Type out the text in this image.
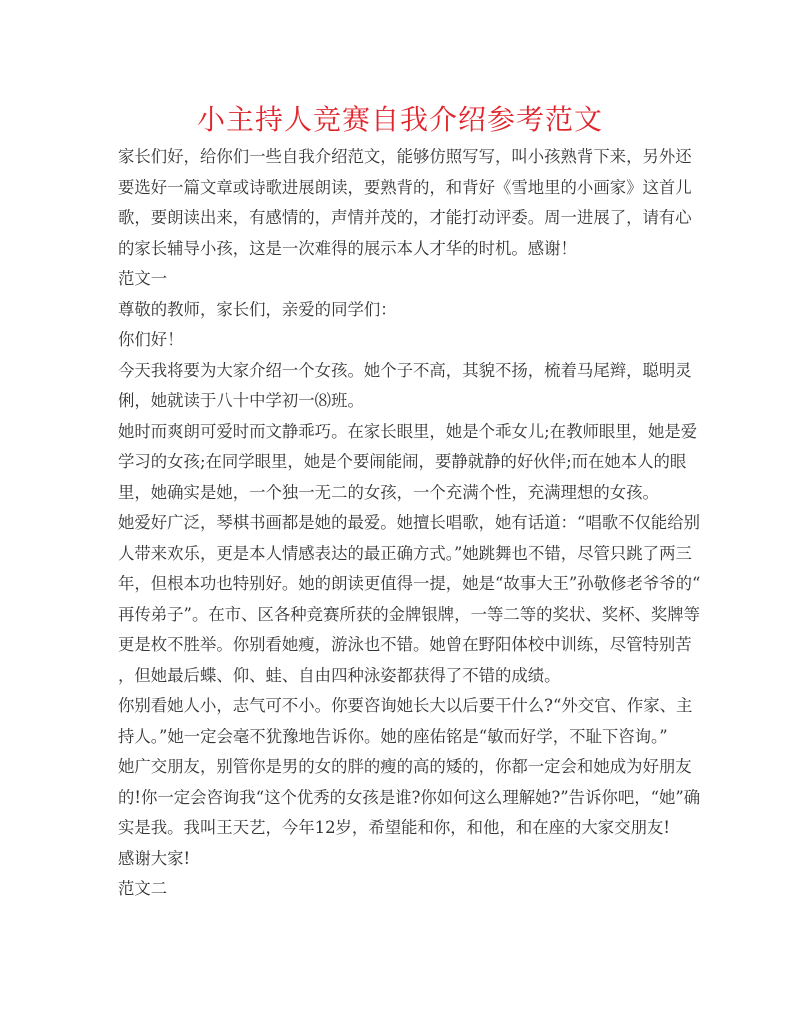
小主持人竞赛自我介绍参考范文
家长们好，给你们一些自我介绍范文，能够仿照写写，叫小孩熟背下来，另外还
要选好一篇文章或诗歌进展朗读，要熟背的，和背好《雪地里的小画家》这首儿
歌，要朗读出来，有感情的，声情并茂的，才能打动评委。周一进展了，请有心
的家长辅导小孩，这是一次难得的展示本人才华的时机。感谢！
范文一
尊敬的教师，家长们，亲爱的同学们：
你们好！
今天我将要为大家介绍一个女孩。她个子不高，其貌不扬，梳着马尾辫，聪明灵
俐，她就读于八十中学初一⑻班。
她时而爽朗可爱时而文静乖巧。在家长眼里，她是个乖女儿;在教师眼里，她是爱
学习的女孩;在同学眼里，她是个要闹能闹，要静就静的好伙伴;而在她本人的眼
里，她确实是她，一个独一无二的女孩，一个充满个性，充满理想的女孩。
她爱好广泛，琴棋书画都是她的最爱。她擅长唱歌，她有话道：“唱歌不仅能给别
人带来欢乐，更是本人情感表达的最正确方式。”她跳舞也不错，尽管只跳了两三
年，但根本功也特别好。她的朗读更值得一提，她是“故事大王”孙敬修老爷爷的“
再传弟子”。在市、区各种竞赛所获的金牌银牌，一等二等的奖状、奖杯、奖牌等
更是枚不胜举。你别看她瘦，游泳也不错。她曾在野阳体校中训练，尽管特别苦
，但她最后蝶、仰、蛙、自由四种泳姿都获得了不错的成绩。
你别看她人小，志气可不小。你要咨询她长大以后要干什么?“外交官、作家、主
持人。”她一定会毫不犹豫地告诉你。她的座佑铭是“敏而好学，不耻下咨询。”
她广交朋友，别管你是男的女的胖的瘦的高的矮的，你都一定会和她成为好朋友
的!你一定会咨询我“这个优秀的女孩是谁?你如何这么理解她?”告诉你吧，“她”确
实是我。我叫王天艺，今年12岁，希望能和你，和他，和在座的大家交朋友!
感谢大家!
范文二
